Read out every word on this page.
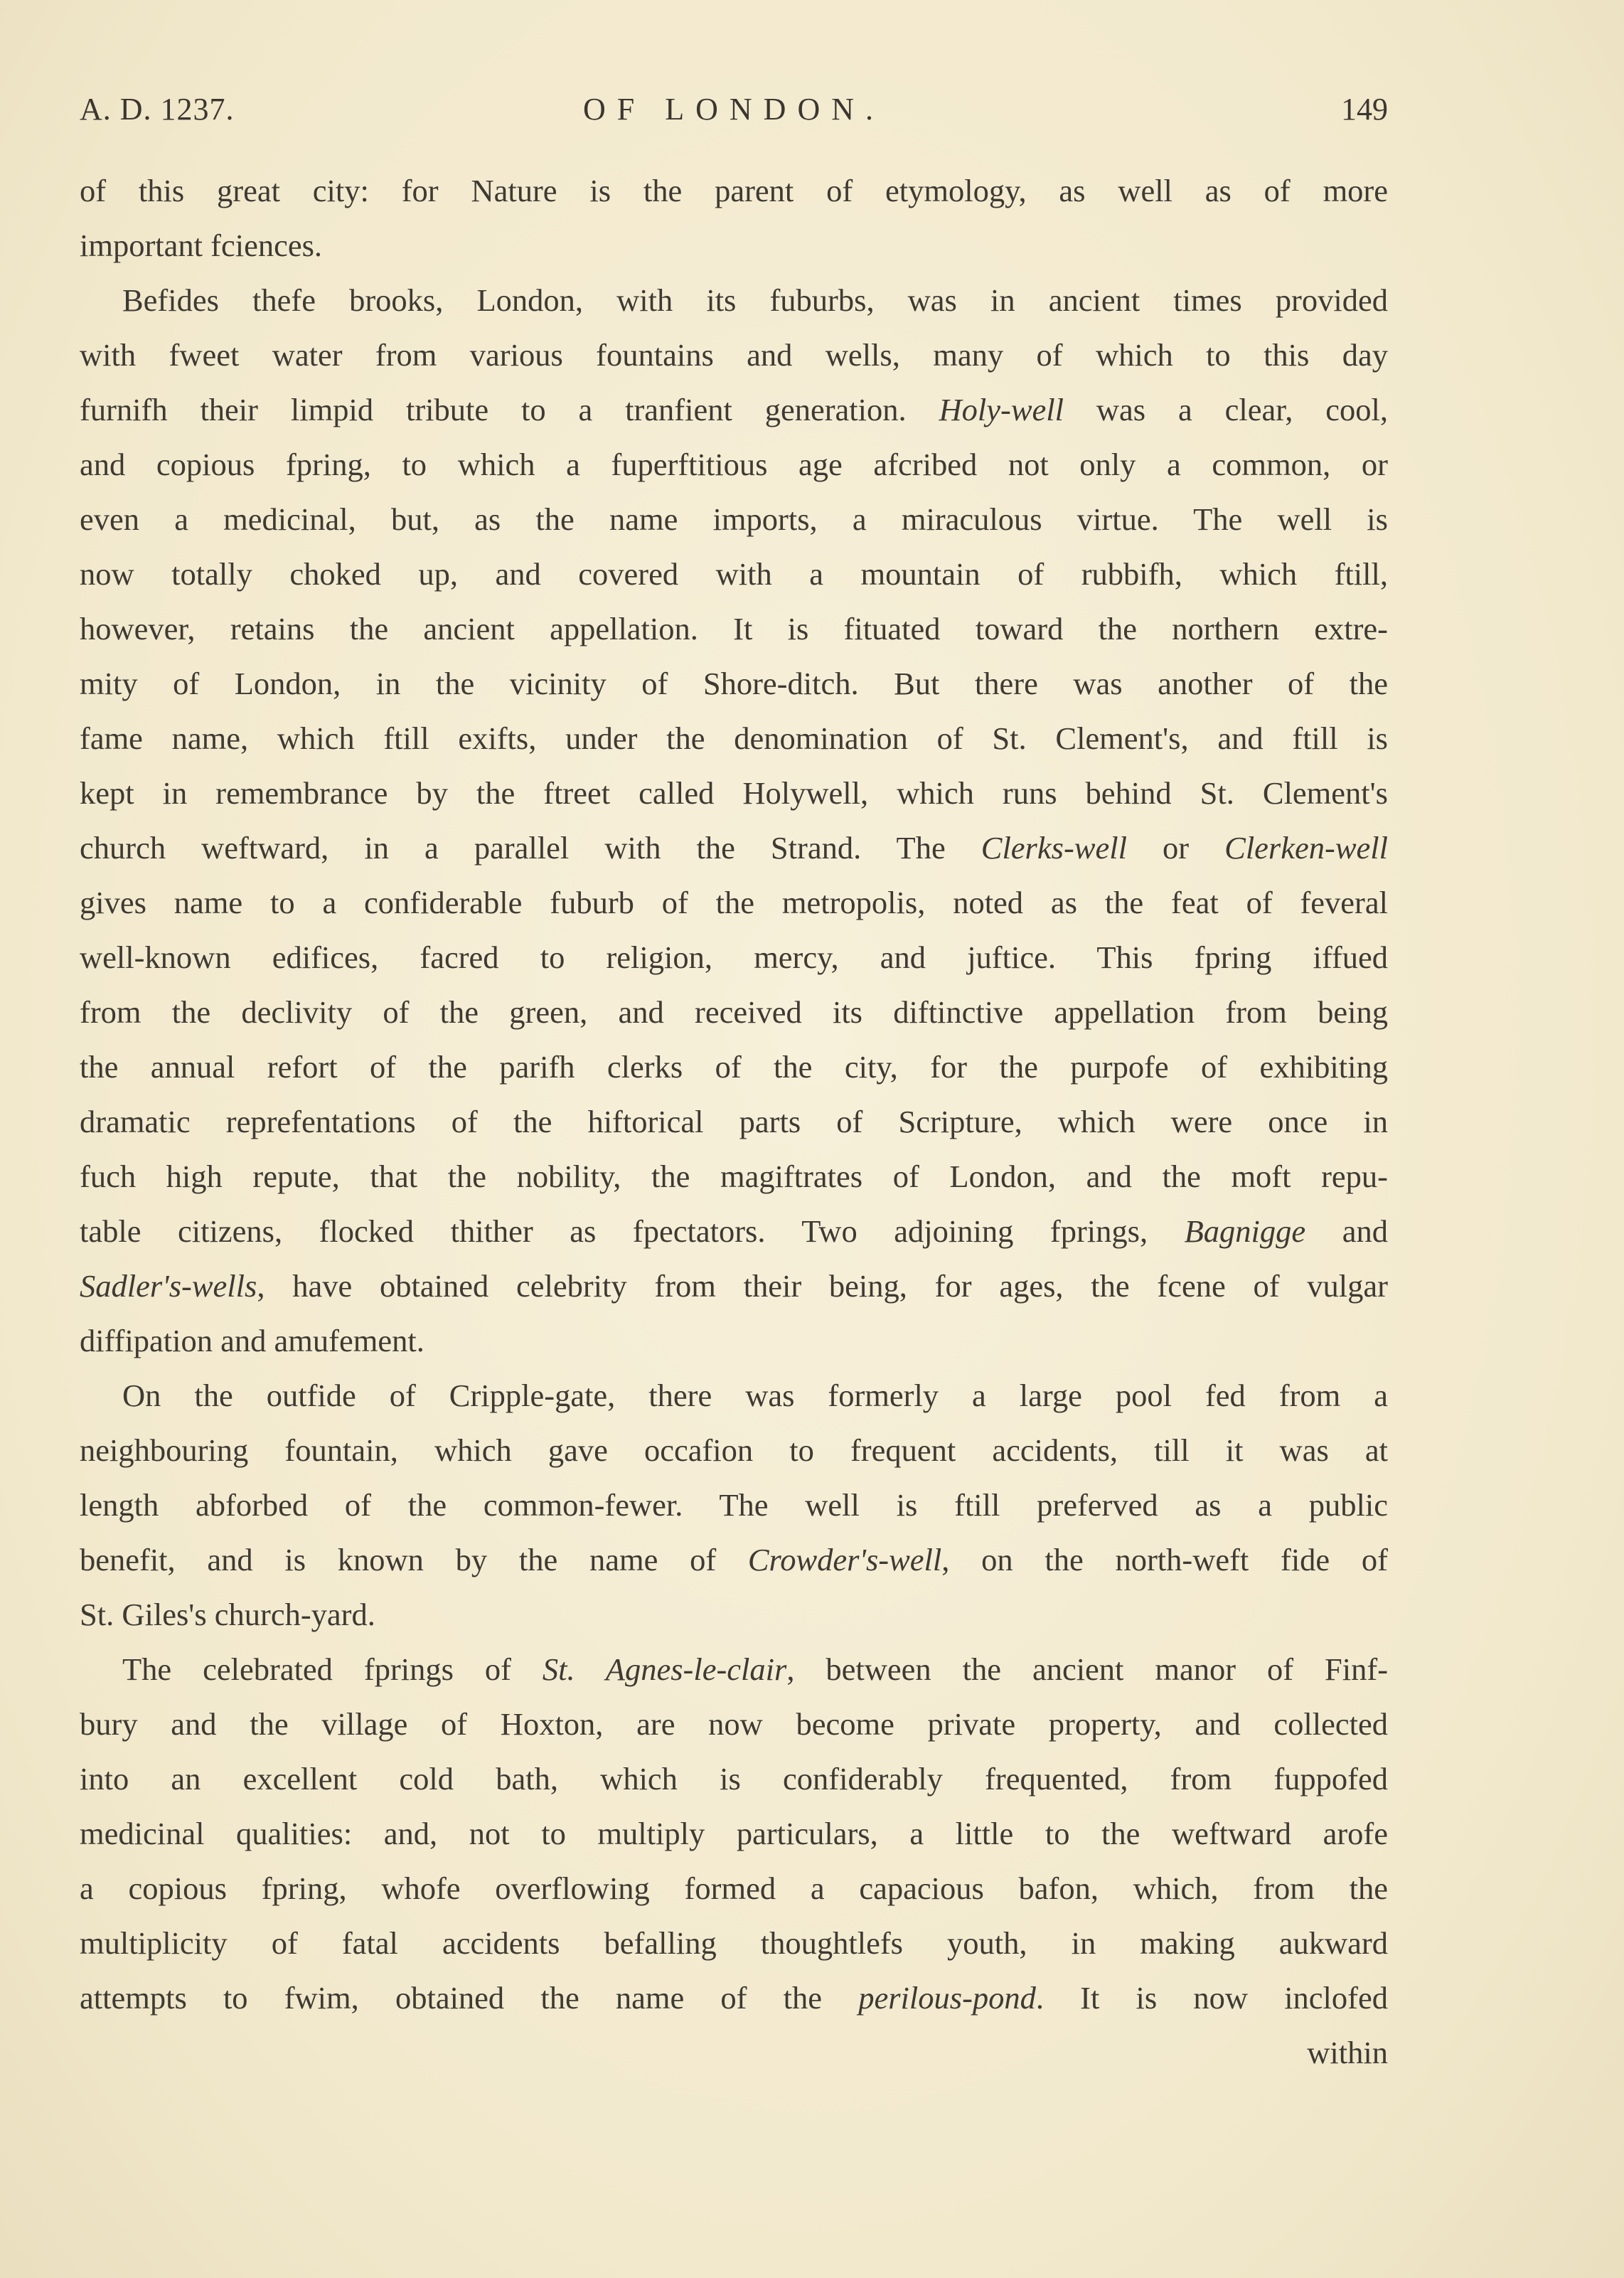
A. D. 1237.	OF LONDON.	149
of this great city: for Nature is the parent of etymology, as well as of more
important fciences.
Befides thefe brooks, London, with its fuburbs, was in ancient times provided
with fweet water from various fountains and wells, many of which to this day
furnifh their limpid tribute to a tranfient generation. Holy-well was a clear, cool,
and copious fpring, to which a fuperftitious age afcribed not only a common, or
even a medicinal, but, as the name imports, a miraculous virtue. The well is
now totally choked up, and covered with a mountain of rubbifh, which ftill,
however, retains the ancient appellation. It is fituated toward the northern extre-
mity of London, in the vicinity of Shore-ditch. But there was another of the
fame name, which ftill exifts, under the denomination of St. Clement's, and ftill is
kept in remembrance by the ftreet called Holywell, which runs behind St. Clement's
church weftward, in a parallel with the Strand. The Clerks-well or Clerken-well
gives name to a confiderable fuburb of the metropolis, noted as the feat of feveral
well-known edifices, facred to religion, mercy, and juftice. This fpring iffued
from the declivity of the green, and received its diftinctive appellation from being
the annual refort of the parifh clerks of the city, for the purpofe of exhibiting
dramatic reprefentations of the hiftorical parts of Scripture, which were once in
fuch high repute, that the nobility, the magiftrates of London, and the moft repu-
table citizens, flocked thither as fpectators. Two adjoining fprings, Bagnigge and
Sadler's-wells, have obtained celebrity from their being, for ages, the fcene of vulgar
diffipation and amufement.
On the outfide of Cripple-gate, there was formerly a large pool fed from a
neighbouring fountain, which gave occafion to frequent accidents, till it was at
length abforbed of the common-fewer. The well is ftill preferved as a public
benefit, and is known by the name of Crowder's-well, on the north-weft fide of
St. Giles's church-yard.
The celebrated fprings of St. Agnes-le-clair, between the ancient manor of Finf-
bury and the village of Hoxton, are now become private property, and collected
into an excellent cold bath, which is confiderably frequented, from fuppofed
medicinal qualities: and, not to multiply particulars, a little to the weftward arofe
a copious fpring, whofe overflowing formed a capacious bafon, which, from the
multiplicity of fatal accidents befalling thoughtlefs youth, in making aukward
attempts to fwim, obtained the name of the perilous-pond. It is now inclofed
within
